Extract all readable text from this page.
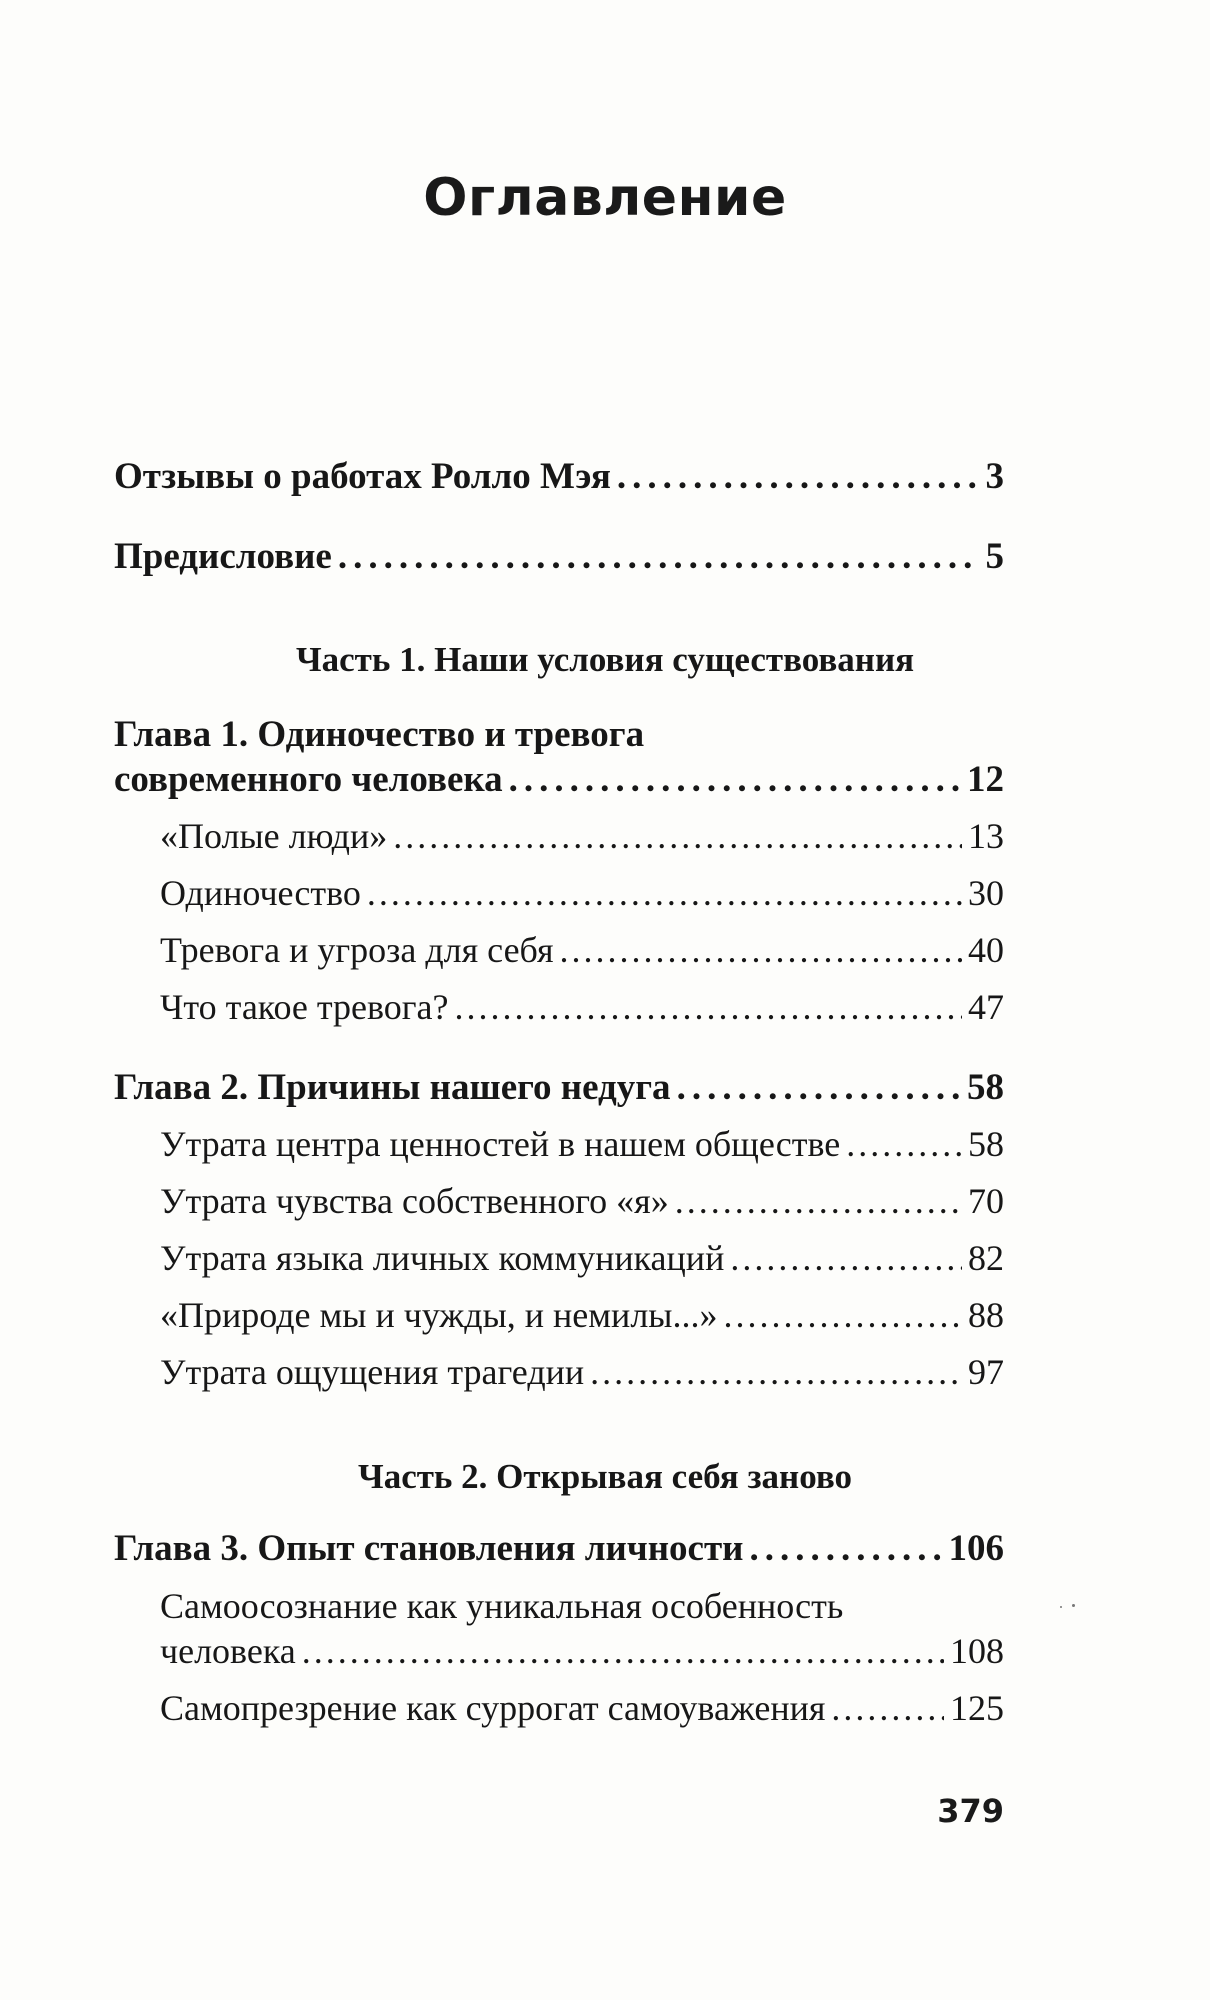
Оглавление
Отзывы о работах Ролло Мэя .....	3
Предисловие .....	5
Часть 1. Наши условия существования
Глава 1. Одиночество и тревога
современного человека .....	12
«Полые люди» .....	13
Одиночество .....	30
Тревога и угроза для себя .....	40
Что такое тревога? .....	47
Глава 2. Причины нашего недуга .....	58
Утрата центра ценностей в нашем обществе .....	58
Утрата чувства собственного «я» .....	70
Утрата языка личных коммуникаций .....	82
«Природе мы и чужды, и немилы...» .....	88
Утрата ощущения трагедии .....	97
Часть 2. Открывая себя заново
Глава 3. Опыт становления личности .....	106
Самоосознание как уникальная особенность
человека .....	108
Самопрезрение как суррогат самоуважения .....	125
379
